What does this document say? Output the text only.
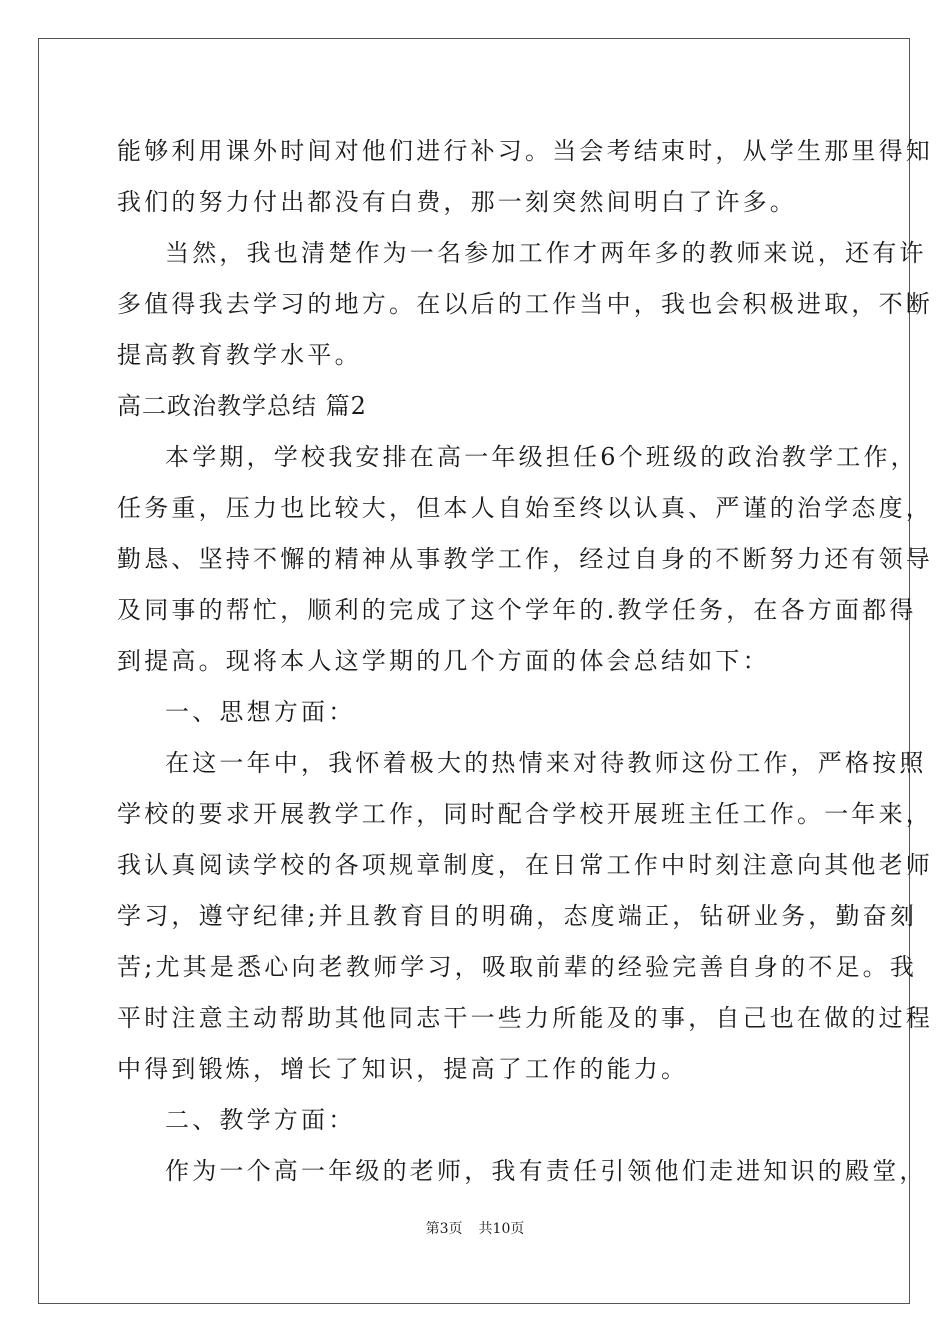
能够利用课外时间对他们进行补习。当会考结束时，从学生那里得知
我们的努力付出都没有白费，那一刻突然间明白了许多。
当然，我也清楚作为一名参加工作才两年多的教师来说，还有许
多值得我去学习的地方。在以后的工作当中，我也会积极进取，不断
提高教育教学水平。
高二政治教学总结 篇2
本学期，学校我安排在高一年级担任6个班级的政治教学工作，
任务重，压力也比较大，但本人自始至终以认真、严谨的治学态度，
勤恳、坚持不懈的精神从事教学工作，经过自身的不断努力还有领导
及同事的帮忙，顺利的完成了这个学年的.教学任务，在各方面都得
到提高。现将本人这学期的几个方面的体会总结如下：
一、思想方面：
在这一年中，我怀着极大的热情来对待教师这份工作，严格按照
学校的要求开展教学工作，同时配合学校开展班主任工作。一年来，
我认真阅读学校的各项规章制度，在日常工作中时刻注意向其他老师
学习，遵守纪律;并且教育目的明确，态度端正，钻研业务，勤奋刻
苦;尤其是悉心向老教师学习，吸取前辈的经验完善自身的不足。我
平时注意主动帮助其他同志干一些力所能及的事，自己也在做的过程
中得到锻炼，增长了知识，提高了工作的能力。
二、教学方面：
作为一个高一年级的老师，我有责任引领他们走进知识的殿堂，
第3页 共10页
